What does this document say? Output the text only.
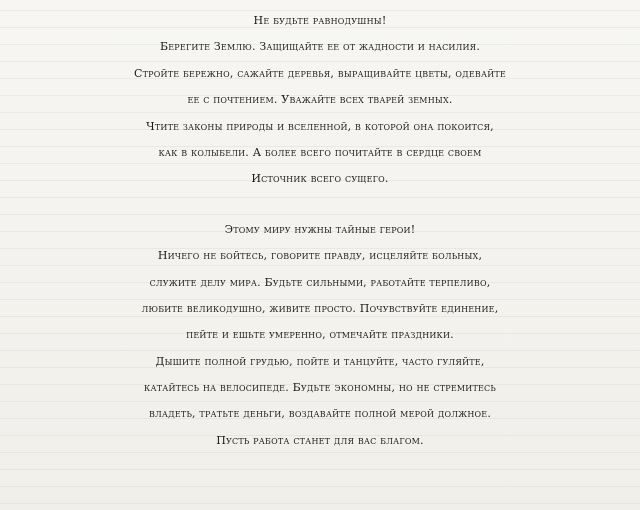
Не будьте равнодушны!
Берегите Землю. Защищайте ее от жадности и насилия.
Стройте бережно, сажайте деревья, выращивайте цветы, одевайте
ее с почтением. Уважайте всех тварей земных.
Чтите законы природы и вселенной, в которой она покоится,
как в колыбели. А более всего почитайте в сердце своем
Источник всего сущего.
Этому миру нужны тайные герои!
Ничего не бойтесь, говорите правду, исцеляйте больных,
служите делу мира. Будьте сильными, работайте терпеливо,
любите великодушно, живите просто. Почувствуйте единение,
пейте и ешьте умеренно, отмечайте праздники.
Дышите полной грудью, пойте и танцуйте, часто гуляйте,
катайтесь на велосипеде. Будьте экономны, но не стремитесь
владеть, тратьте деньги, воздавайте полной мерой должное.
Пусть работа станет для вас благом.
